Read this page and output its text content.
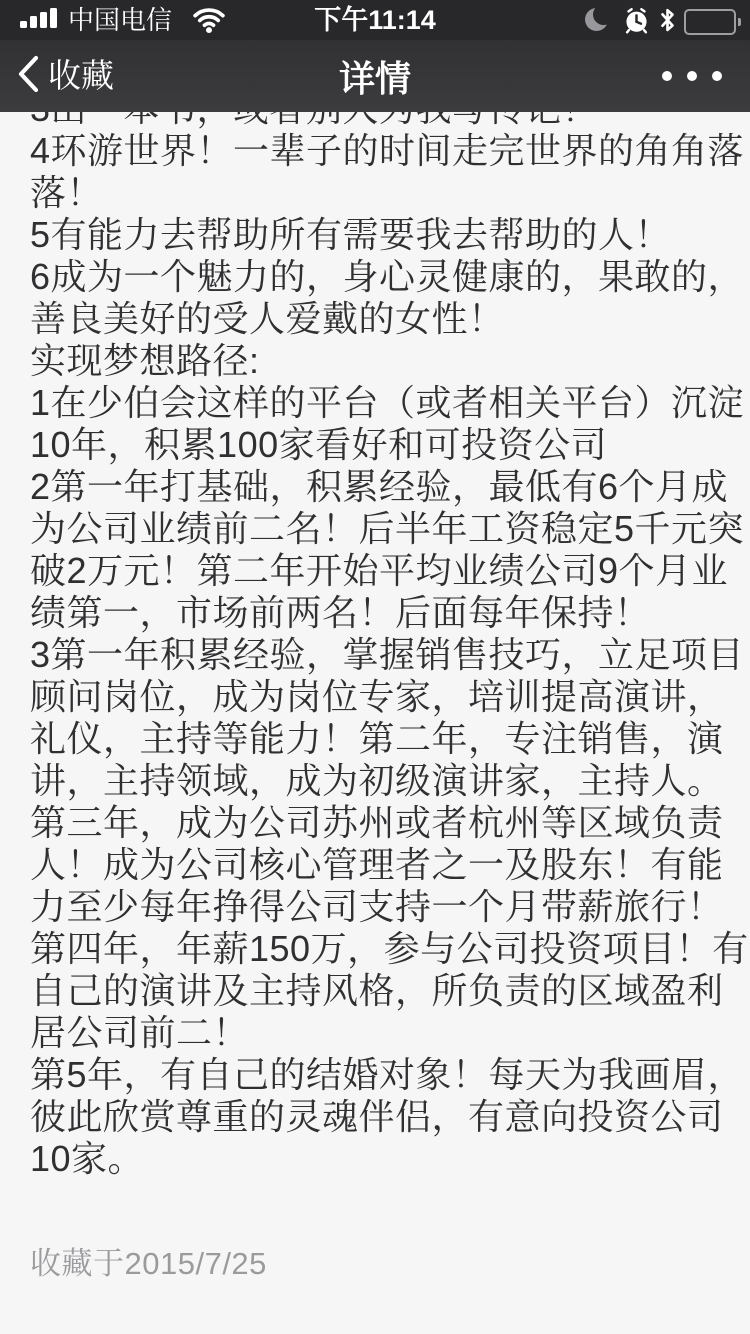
4环游世界！一辈子的时间走完世界的角角落
落！
5有能力去帮助所有需要我去帮助的人！
6成为一个魅力的，身心灵健康的，果敢的，
善良美好的受人爱戴的女性！
实现梦想路径:
1在少伯会这样的平台（或者相关平台）沉淀
10年，积累100家看好和可投资公司
2第一年打基础，积累经验，最低有6个月成
为公司业绩前二名！后半年工资稳定5千元突
破2万元！第二年开始平均业绩公司9个月业
绩第一，市场前两名！后面每年保持！
3第一年积累经验，掌握销售技巧，立足项目
顾问岗位，成为岗位专家，培训提高演讲，
礼仪，主持等能力！第二年，专注销售，演
讲，主持领域，成为初级演讲家，主持人。
第三年，成为公司苏州或者杭州等区域负责
人！成为公司核心管理者之一及股东！有能
力至少每年挣得公司支持一个月带薪旅行！
第四年，年薪150万，参与公司投资项目！有
自己的演讲及主持风格，所负责的区域盈利
居公司前二！
第5年，有自己的结婚对象！每天为我画眉，
彼此欣赏尊重的灵魂伴侣，有意向投资公司
10家。
收藏于2015/7/25
中国电信	下午11:14
收藏	详情
